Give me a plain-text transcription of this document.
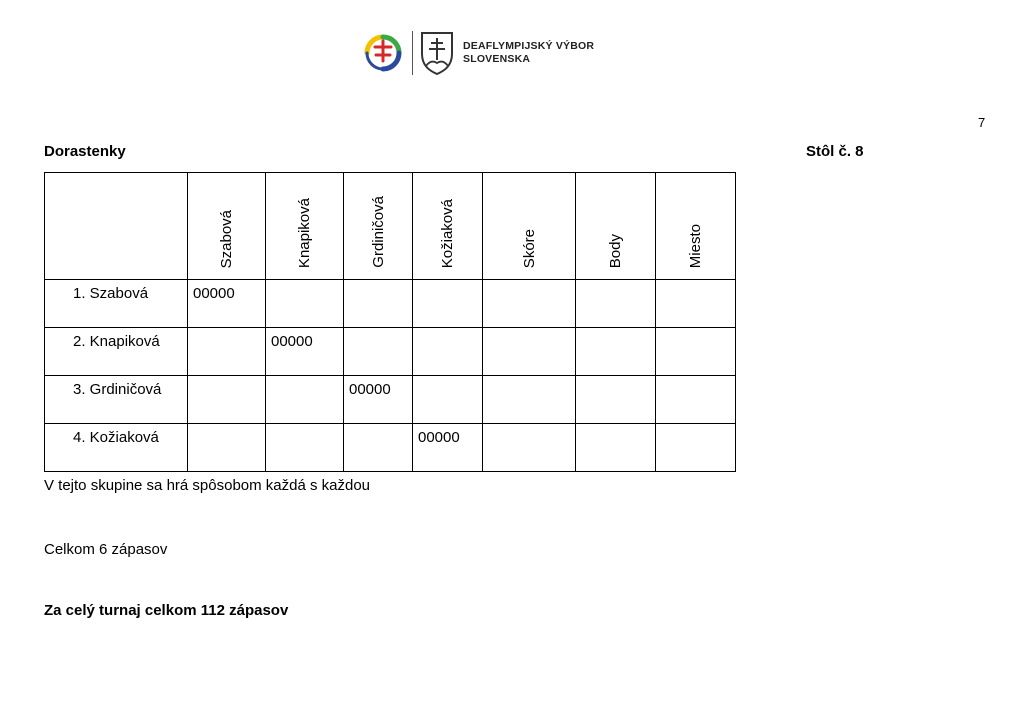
DEAFLYMPIJSKÝ VÝBOR
SLOVENSKA
7
Dorastenky	Stôl č. 8
	Szabová	Knapiková	Grdiničová	Kožiaková	Skóre	Body	Miesto

1. Szabová	00000						

2. Knapiková		00000					

3. Grdiničová			00000				

4. Kožiaková				00000			

V tejto skupine sa hrá spôsobom každá s každou
Celkom 6 zápasov
Za celý turnaj celkom 112 zápasov
